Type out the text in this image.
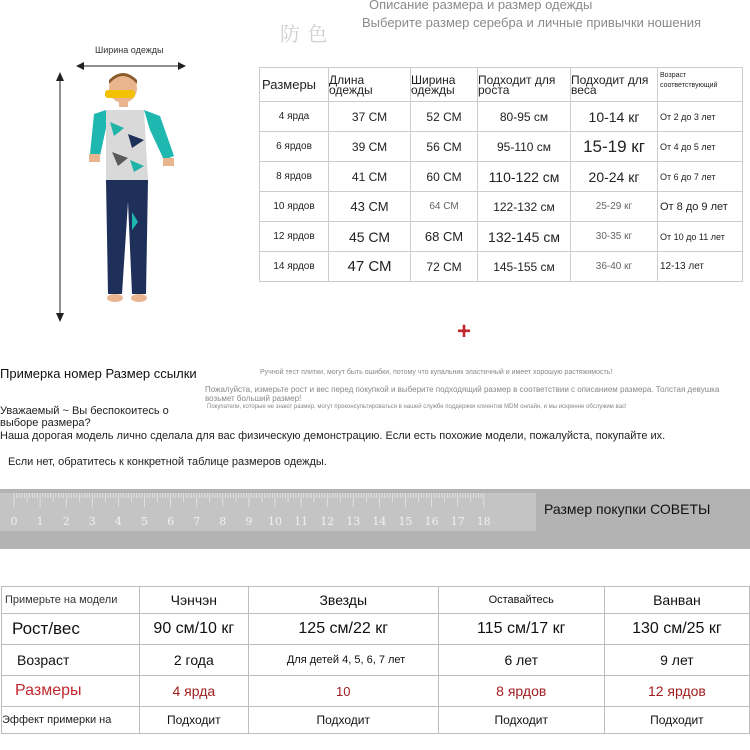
Описание размера и размер одежды
Выберите размер серебра и личные привычки ношения
防 色
Ширина одежды
Размеры	Длина одежды	Ширина одежды	Подходит для роста	Подходит для веса	Возраст соответствующий
4 ярда	37 СМ	52 СМ	80-95 см	10-14 кг	От 2 до 3 лет
6 ярдов	39 СМ	56 СМ	95-110 см	15-19 кг	От 4 до 5 лет
8 ярдов	41 СМ	60 СМ	110-122 см	20-24 кг	От 6 до 7 лет
10 ярдов	43 СМ	64 СМ	122-132 см	25-29 кг	От 8 до 9 лет
12 ярдов	45 СМ	68 СМ	132-145 см	30-35 кг	От 10 до 11 лет
14 ярдов	47 СМ	72 СМ	145-155 см	36-40 кг	12-13 лет
+
Примерка номер Размер ссылки	Ручной тест плитки, могут быть ошибки, потому что купальник эластичный и имеет хорошую растяжимость!
Пожалуйста, измерьте рост и вес перед покупкой и выберите подходящий размер в соответствии с описанием размера. Толстая девушка возьмет больший размер!
Покупатели, которые не знают размер, могут проконсультироваться в нашей службе поддержки клиентов MDM онлайн, и мы искренне обслужим вас!
Уважаемый ~ Вы беспокоитесь о выборе размера?
Наша дорогая модель лично сделала для вас физическую демонстрацию. Если есть похожие модели, пожалуйста, покупайте их.
Если нет, обратитесь к конкретной таблице размеров одежды.
0 1 2 3 4 5 6 7 8 9 10 11 12 13 14 15 16 17 18
Размер покупки СОВЕТЫ
Примерьте на модели	Чэнчэн	Звезды	Оставайтесь	Ванван
Рост/вес	90 см/10 кг	125 см/22 кг	115 см/17 кг	130 см/25 кг
Возраст	2 года	Для детей 4, 5, 6, 7 лет	6 лет	9 лет
Размеры	4 ярда	10	8 ярдов	12 ярдов
Эффект примерки на	Подходит	Подходит	Подходит	Подходит
